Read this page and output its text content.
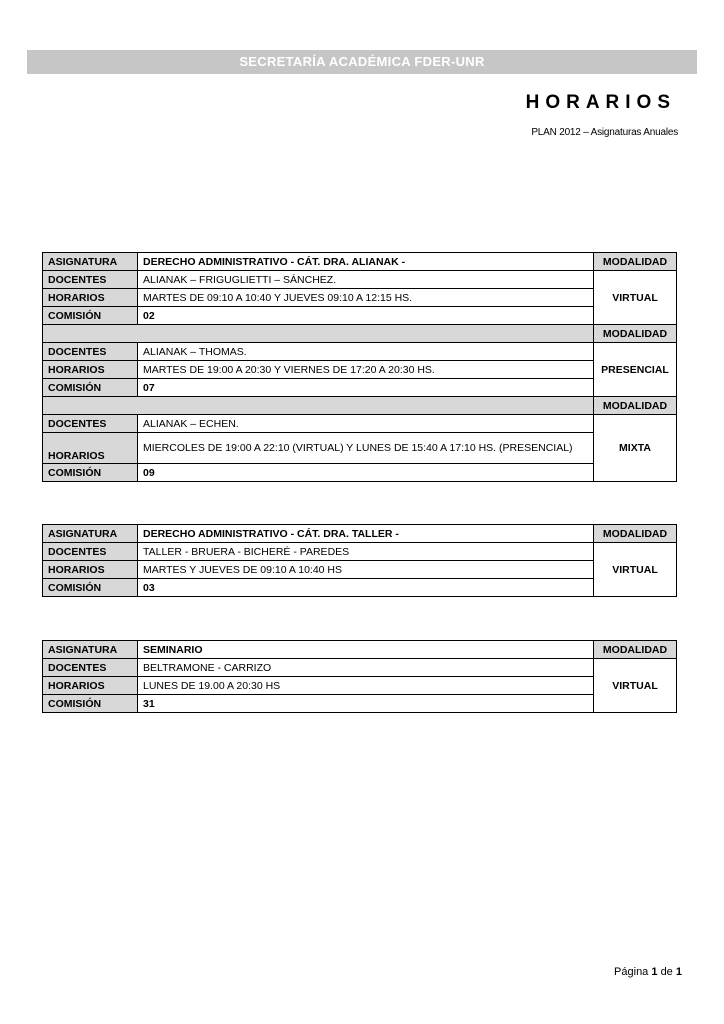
SECRETARÍA ACADÉMICA FDER-UNR
HORARIOS
PLAN 2012 – Asignaturas Anuales
ASIGNATURA	DERECHO ADMINISTRATIVO - CÁT. DRA. ALIANAK -	MODALIDAD
DOCENTES	ALIANAK – FRIGUGLIETTI – SÁNCHEZ.	VIRTUAL
HORARIOS	MARTES DE 09:10 A 10:40 Y JUEVES 09:10 A 12:15 HS.	
COMISIÓN	02	
		MODALIDAD
DOCENTES	ALIANAK – THOMAS.	PRESENCIAL
HORARIOS	MARTES DE 19:00 A 20:30 Y VIERNES DE 17:20 A 20:30 HS.	
COMISIÓN	07	
		MODALIDAD
DOCENTES	ALIANAK – ECHEN.	MIXTA
HORARIOS	MIERCOLES DE 19:00 A 22:10 (VIRTUAL) Y LUNES DE 15:40 A 17:10 HS. (PRESENCIAL)	
COMISIÓN	09	
ASIGNATURA	DERECHO ADMINISTRATIVO - CÁT. DRA. TALLER -	MODALIDAD
DOCENTES	TALLER - BRUERA - BICHERÉ - PAREDES	VIRTUAL
HORARIOS	MARTES Y JUEVES DE 09:10 A 10:40 HS	
COMISIÓN	03	
ASIGNATURA	SEMINARIO	MODALIDAD
DOCENTES	BELTRAMONE - CARRIZO	VIRTUAL
HORARIOS	LUNES DE 19.00 A 20:30 HS	
COMISIÓN	31	
Página 1 de 1
